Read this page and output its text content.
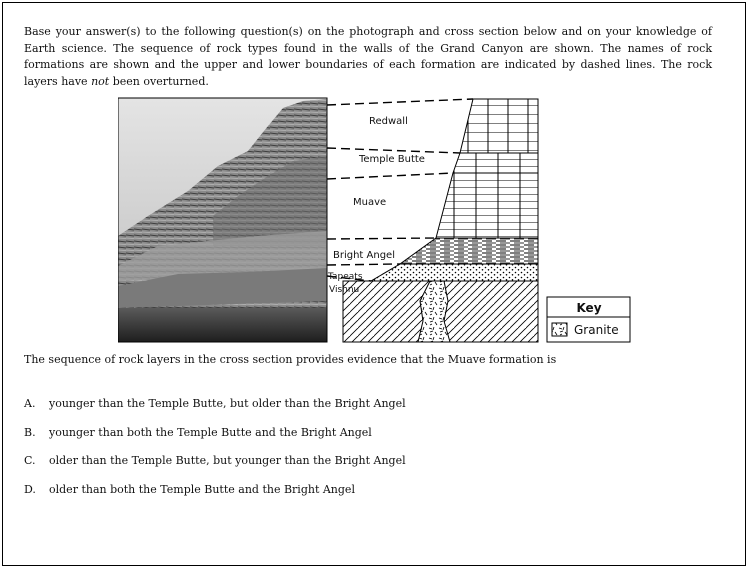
Base your answer(s) to the following question(s) on the photograph and cross section below and on your knowledge of Earth science. The sequence of rock types found in the walls of the Grand Canyon are shown. The names of rock formations are shown and the upper and lower boundaries of each formation are indicated by dashed lines. The rock layers have not been overturned.

Redwall
Temple Butte
Muave
Bright Angel
Tapeats
Vishnu
Key
Granite

The sequence of rock layers in the cross section provides evidence that the Muave formation is

A. younger than the Temple Butte, but older than the Bright Angel
B. younger than both the Temple Butte and the Bright Angel
C. older than the Temple Butte, but younger than the Bright Angel
D. older than both the Temple Butte and the Bright Angel
